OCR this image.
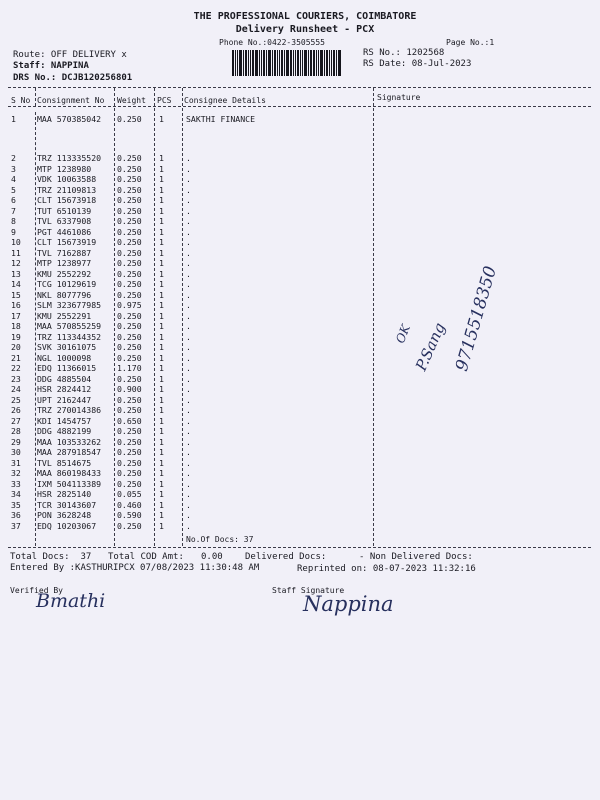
THE PROFESSIONAL COURIERS, COIMBATORE
Delivery Runsheet - PCX
Phone No.:0422-3505555	Page No.:1
Route: OFF DELIVERY x
Staff: NAPPINA
DRS No.: DCJB120256801
RS No.: 1202568
RS Date: 08-Jul-2023
S No Consignment No Weight PCS Consignee Details	Signature
1	MAA 570385042 0.250 1	SAKTHI FINANCE
2	TRZ 113335520 0.250 1	.
3	MTP 1238980	0.250 1	.
4	VDK 10063588	0.250 1	.
5	TRZ 21109813	0.250 1	.
6	CLT 15673918	0.250 1	.
7	TUT 6510139	0.250 1	.
8	TVL 6337908	0.250 1	.
9	PGT 4461086	0.250 1	.
10 CLT 15673919	0.250 1	.
11 TVL 7162887	0.250 1	.
12 MTP 1238977	0.250 1	.
13 KMU 2552292	0.250 1	.
14 TCG 10129619	0.250 1	.
15 NKL 8077796	0.250 1	.
16 SLM 323677985 0.975 1	.
17 KMU 2552291	0.250 1	.
18 MAA 570855259 0.250 1	.
19 TRZ 113344352 0.250 1	.
20 SVK 30161075	0.250 1	.
21 NGL 1000098	0.250 1	.
22 EDQ 11366015	1.170 1	.
23 DDG 4885504	0.250 1	.
24 HSR 2824412	0.900 1	.
25 UPT 2162447	0.250 1	.
26 TRZ 270014386 0.250 1	.
27 KDI 1454757	0.650 1	.
28 DDG 4882199	0.250 1	.
29 MAA 103533262 0.250 1	.
30 MAA 287918547 0.250 1	.
31 TVL 8514675	0.250 1	.
32 MAA 860198433 0.250 1	.
33 IXM 504113389 0.250 1	.
34 HSR 2825140	0.055 1	.
35 TCR 30143607	0.460 1	.
36 PON 3628248	0.590 1	.
37 EDQ 10203067	0.250 1	.
No.Of Docs: 37
Total Docs:  37 Total COD Amt: 0.00 Delivered Docs:	- Non Delivered Docs:
Entered By :KASTHURIPCX 07/08/2023 11:30:48 AM	Reprinted on: 08-07-2023 11:32:16
Verified By	Staff Signature
9715518350
OK
P.Sang
Bmathi	Nappina
